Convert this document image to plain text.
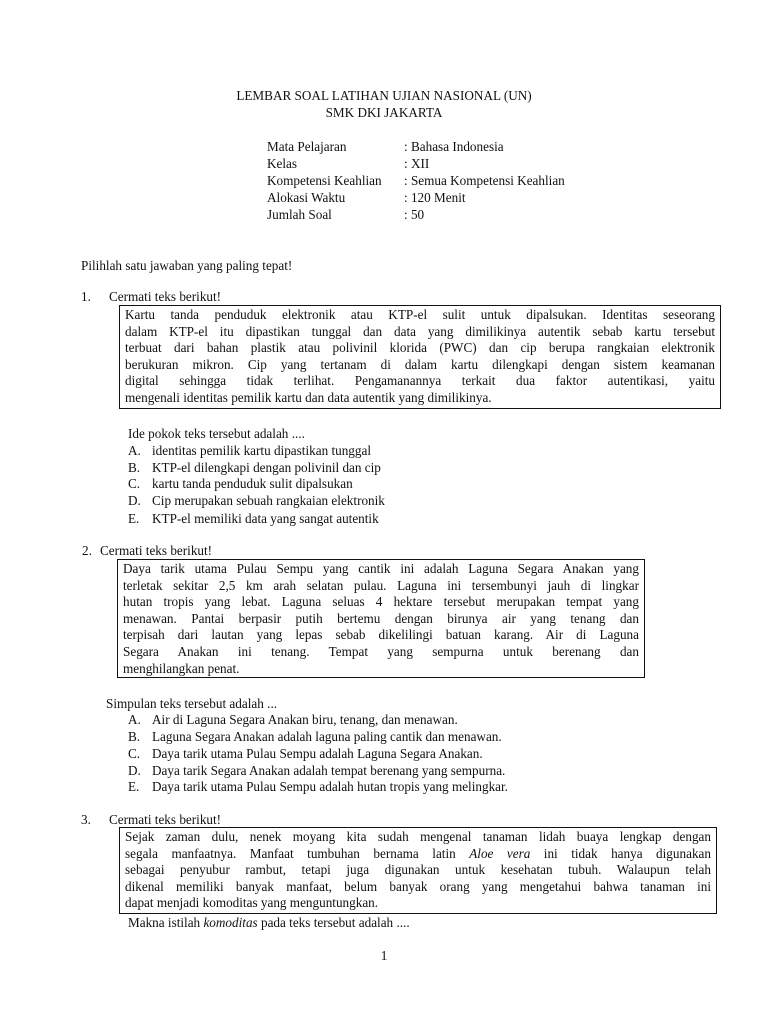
LEMBAR SOAL LATIHAN UJIAN NASIONAL (UN)
SMK DKI JAKARTA
Mata Pelajaran	: Bahasa Indonesia
Kelas	: XII
Kompetensi Keahlian : Semua Kompetensi Keahlian
Alokasi Waktu	: 120 Menit
Jumlah Soal	: 50
Pilihlah satu jawaban yang paling tepat!
1. Cermati teks berikut!

Kartu tanda penduduk elektronik atau KTP-el sulit untuk dipalsukan. Identitas seseorang

dalam KTP-el itu dipastikan tunggal dan data yang dimilikinya autentik sebab kartu tersebut

terbuat dari bahan plastik atau polivinil klorida (PWC) dan cip berupa rangkaian elektronik

berukuran mikron. Cip yang tertanam di dalam kartu dilengkapi dengan sistem keamanan

digital sehingga tidak terlihat. Pengamanannya terkait dua faktor autentikasi, yaitu

mengenali identitas pemilik kartu dan data autentik yang dimilikinya.

Ide pokok teks tersebut adalah ....
A. identitas pemilik kartu dipastikan tunggal
B. KTP-el dilengkapi dengan polivinil dan cip
C. kartu tanda penduduk sulit dipalsukan
D. Cip merupakan sebuah rangkaian elektronik
E. KTP-el memiliki data yang sangat autentik
2. Cermati teks berikut!

Daya tarik utama Pulau Sempu yang cantik ini adalah Laguna Segara Anakan yang

terletak sekitar 2,5 km arah selatan pulau. Laguna ini tersembunyi jauh di lingkar

hutan tropis yang lebat. Laguna seluas 4 hektare tersebut merupakan tempat yang

menawan. Pantai berpasir putih bertemu dengan birunya air yang tenang dan

terpisah dari lautan yang lepas sebab dikelilingi batuan karang. Air di Laguna

Segara Anakan ini tenang. Tempat yang sempurna untuk berenang dan

menghilangkan penat.

Simpulan teks tersebut adalah ...
A. Air di Laguna Segara Anakan biru, tenang, dan menawan.
B. Laguna Segara Anakan adalah laguna paling cantik dan menawan.
C. Daya tarik utama Pulau Sempu adalah Laguna Segara Anakan.
D. Daya tarik Segara Anakan adalah tempat berenang yang sempurna.
E. Daya tarik utama Pulau Sempu adalah hutan tropis yang melingkar.
3. Cermati teks berikut!

Sejak zaman dulu, nenek moyang kita sudah mengenal tanaman lidah buaya lengkap dengan

segala manfaatnya. Manfaat tumbuhan bernama latin Aloe vera ini tidak hanya digunakan

sebagai penyubur rambut, tetapi juga digunakan untuk kesehatan tubuh. Walaupun telah

dikenal memiliki banyak manfaat, belum banyak orang yang mengetahui bahwa tanaman ini

dapat menjadi komoditas yang menguntungkan.

Makna istilah komoditas pada teks tersebut adalah ....
1
